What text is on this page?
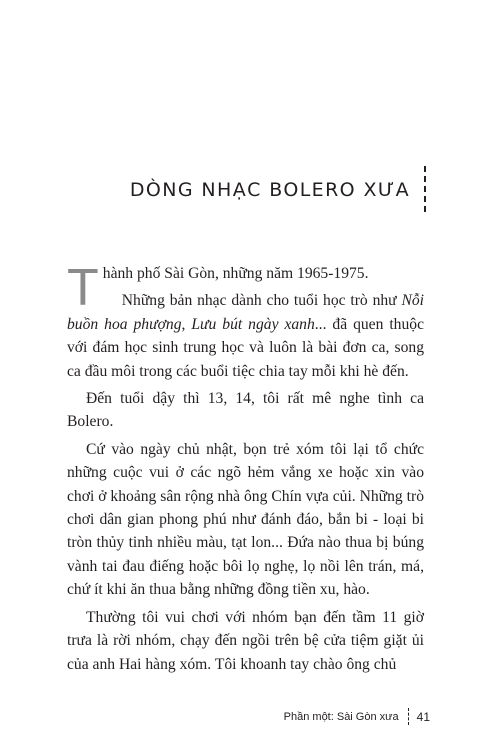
DÒNG NHẠC BOLERO XƯA

Thành phố Sài Gòn, những năm 1965-1975.

Những bản nhạc dành cho tuổi học trò như Nỗi buồn hoa phượng, Lưu bút ngày xanh... đã quen thuộc với đám học sinh trung học và luôn là bài đơn ca, song ca đầu môi trong các buổi tiệc chia tay mỗi khi hè đến.

Đến tuổi dậy thì 13, 14, tôi rất mê nghe tình ca Bolero.

Cứ vào ngày chủ nhật, bọn trẻ xóm tôi lại tổ chức những cuộc vui ở các ngõ hẻm vắng xe hoặc xin vào chơi ở khoảng sân rộng nhà ông Chín vựa củi. Những trò chơi dân gian phong phú như đánh đáo, bắn bi - loại bi tròn thủy tinh nhiều màu, tạt lon... Đứa nào thua bị búng vành tai đau điếng hoặc bôi lọ nghẹ, lọ nồi lên trán, má, chứ ít khi ăn thua bằng những đồng tiền xu, hào.

Thường tôi vui chơi với nhóm bạn đến tầm 11 giờ trưa là rời nhóm, chạy đến ngồi trên bệ cửa tiệm giặt ủi của anh Hai hàng xóm. Tôi khoanh tay chào ông chủ

Phần một: Sài Gòn xưa 41
